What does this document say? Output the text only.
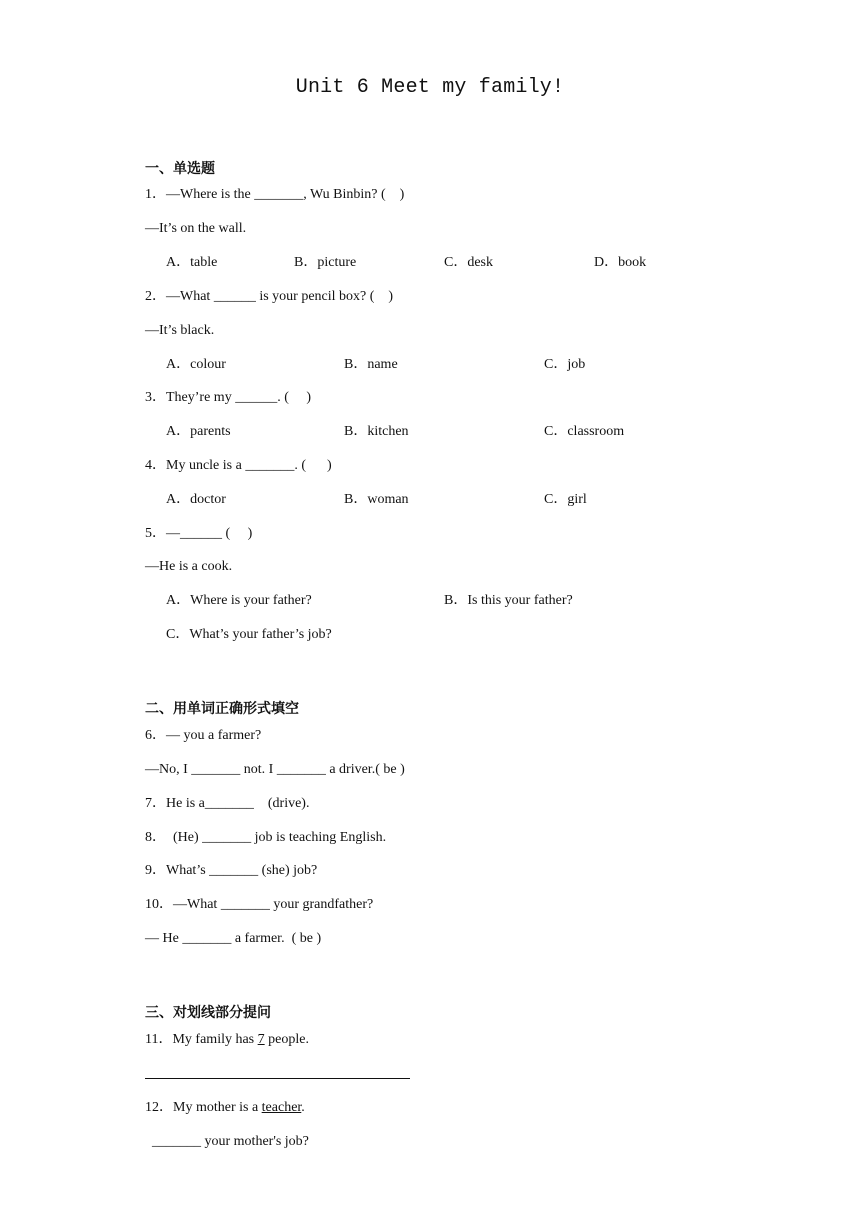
Unit 6 Meet my family!
一、单选题
1．—Where is the _______, Wu Binbin? (    )
—It’s on the wall.
A．table	B．picture	C．desk	D．book
2．—What ______ is your pencil box? (    )
—It’s black.
A．colour	B．name	C．job
3．They’re my ______. (     )
A．parents	B．kitchen	C．classroom
4．My uncle is a _______. (      )
A．doctor	B．woman	C．girl
5．—______ (     )
—He is a cook.
A．Where is your father?	B．Is this your father?
C．What’s your father’s job?
二、用单词正确形式填空
6．— you a farmer?
—No, I _______ not. I _______ a driver.( be )
7．He is a_______    (drive).
8．  (He) _______ job is teaching English.
9．What’s _______ (she) job?
10．—What _______ your grandfather?
— He _______ a farmer.  ( be )
三、对划线部分提问
11．My family has 7 people.
12．My mother is a teacher.
_______ your mother's job?
